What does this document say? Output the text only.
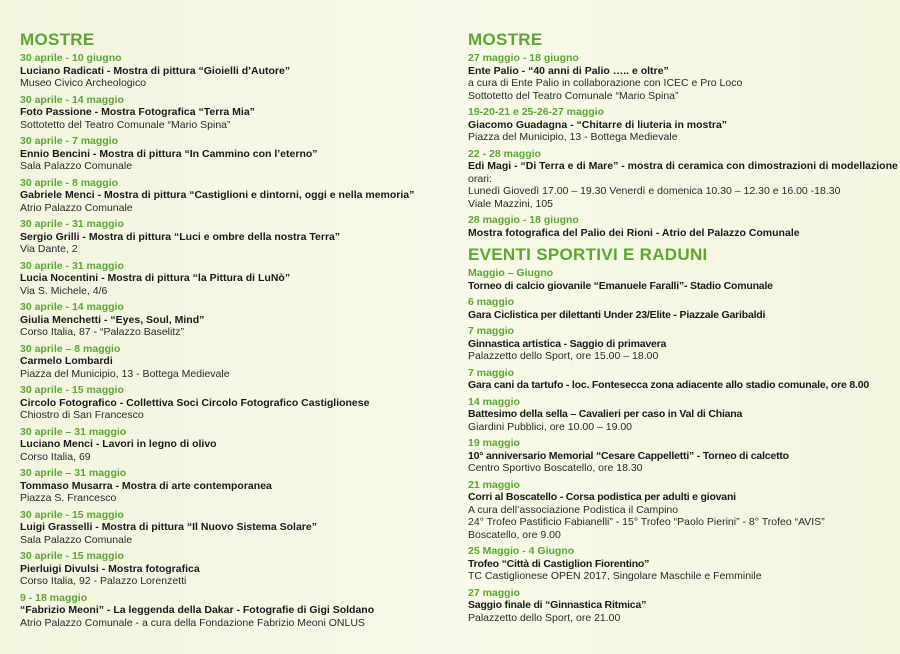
MOSTRE
30 aprile - 10 giugno
Luciano Radicati - Mostra di pittura “Gioielli d’Autore”
Museo Civico Archeologico
30 aprile - 14 maggio
Foto Passione - Mostra Fotografica “Terra Mia”
Sottotetto del Teatro Comunale “Mario Spina”
30 aprile - 7 maggio
Ennio Bencini - Mostra di pittura “In Cammino con l’eterno”
Sala Palazzo Comunale
30 aprile - 8 maggio
Gabriele Menci - Mostra di pittura “Castiglioni e dintorni, oggi e nella memoria”
Atrio Palazzo Comunale
30 aprile - 31 maggio
Sergio Grilli - Mostra di pittura “Luci e ombre della nostra Terra”
Via Dante, 2
30 aprile - 31 maggio
Lucia Nocentini - Mostra di pittura “la Pittura di LuNò”
Via S. Michele, 4/6
30 aprile - 14 maggio
Giulia Menchetti - “Eyes, Soul, Mind”
Corso Italia, 87 - “Palazzo Baselitz”
30 aprile – 8 maggio
Carmelo Lombardi
Piazza del Municipio, 13 - Bottega Medievale
30 aprile - 15 maggio
Circolo Fotografico - Collettiva Soci Circolo Fotografico Castiglionese
Chiostro di San Francesco
30 aprile – 31 maggio
Luciano Menci - Lavori in legno di olivo
Corso Italia, 69
30 aprile – 31 maggio
Tommaso Musarra - Mostra di arte contemporanea
Piazza S. Francesco
30 aprile - 15 maggio
Luigi Grasselli - Mostra di pittura “Il Nuovo Sistema Solare”
Sala Palazzo Comunale
30 aprile - 15 maggio
Pierluigi Divulsi - Mostra fotografica
Corso Italia, 92 - Palazzo Lorenzetti
9 - 18 maggio
“Fabrizio Meoni” - La leggenda della Dakar - Fotografie di Gigi Soldano
Atrio Palazzo Comunale - a cura della Fondazione Fabrizio Meoni ONLUS
MOSTRE
27 maggio - 18 giugno
Ente Palio - “40 anni di Palio ….. e oltre”
a cura di Ente Palio in collaborazione con ICEC e Pro Loco
Sottotetto del Teatro Comunale “Mario Spina”
19-20-21 e 25-26-27 maggio
Giacomo Guadagna - “Chitarre di liuteria in mostra”
Piazza del Municipio, 13 - Bottega Medievale
22 - 28 maggio
Edi Magi - “Di Terra e di Mare” - mostra di ceramica con dimostrazioni di modellazione
orari:
Lunedì Giovedì 17.00 – 19.30 Venerdì e domenica 10.30 – 12.30 e 16.00 -18.30
Viale Mazzini, 105
28 maggio - 18 giugno
Mostra fotografica del Palio dei Rioni - Atrio del Palazzo Comunale
EVENTI SPORTIVI E RADUNI
Maggio – Giugno
Torneo di calcio giovanile “Emanuele Faralli”- Stadio Comunale
6 maggio
Gara Ciclistica per dilettanti Under 23/Elite - Piazzale Garibaldi
7 maggio
Ginnastica artistica - Saggio di primavera
Palazzetto dello Sport, ore 15.00 – 18.00
7 maggio
Gara cani da tartufo - loc. Fontesecca zona adiacente allo stadio comunale, ore 8.00
14 maggio
Battesimo della sella – Cavalieri per caso in Val di Chiana
Giardini Pubblici, ore 10.00 – 19.00
19 maggio
10° anniversario Memorial “Cesare Cappelletti” - Torneo di calcetto
Centro Sportivo Boscatello, ore 18.30
21 maggio
Corri al Boscatello - Corsa podistica per adulti e giovani
A cura dell’associazione Podistica il Campino
24° Trofeo Pastificio Fabianelli” - 15° Trofeo “Paolo Pierini” - 8° Trofeo “AVIS”
Boscatello, ore 9.00
25 Maggio - 4 Giugno
Trofeo “Città di Castiglion Fiorentino”
TC Castiglionese OPEN 2017, Singolare Maschile e Femminile
27 maggio
Saggio finale di “Ginnastica Ritmica”
Palazzetto dello Sport, ore 21.00
